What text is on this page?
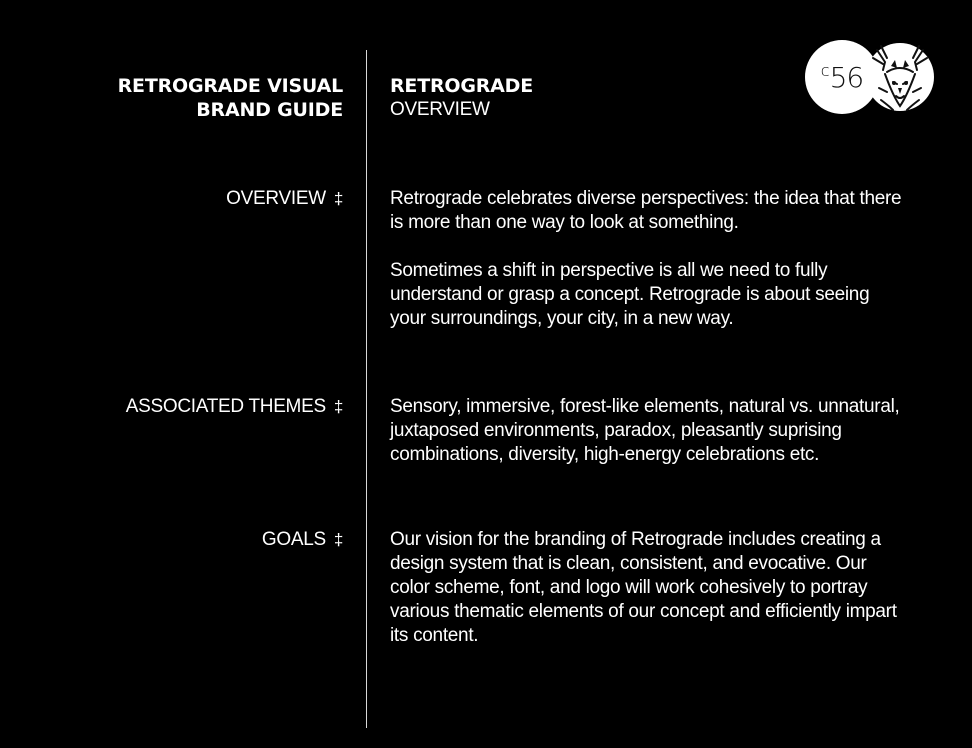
RETROGRADE VISUAL
BRAND GUIDE
RETROGRADE
OVERVIEW
c 56
OVERVIEW ‡ Retrograde celebrates diverse perspectives: the idea that there is more than one way to look at something.

Sometimes a shift in perspective is all we need to fully understand or grasp a concept. Retrograde is about seeing your surroundings, your city, in a new way.

ASSOCIATED THEMES ‡ Sensory, immersive, forest-like elements, natural vs. unnatural, juxtaposed environments, paradox, pleasantly suprising combinations, diversity, high-energy celebrations etc.

GOALS ‡ Our vision for the branding of Retrograde includes creating a design system that is clean, consistent, and evocative. Our color scheme, font, and logo will work cohesively to portray various thematic elements of our concept and efficiently impart its content.
